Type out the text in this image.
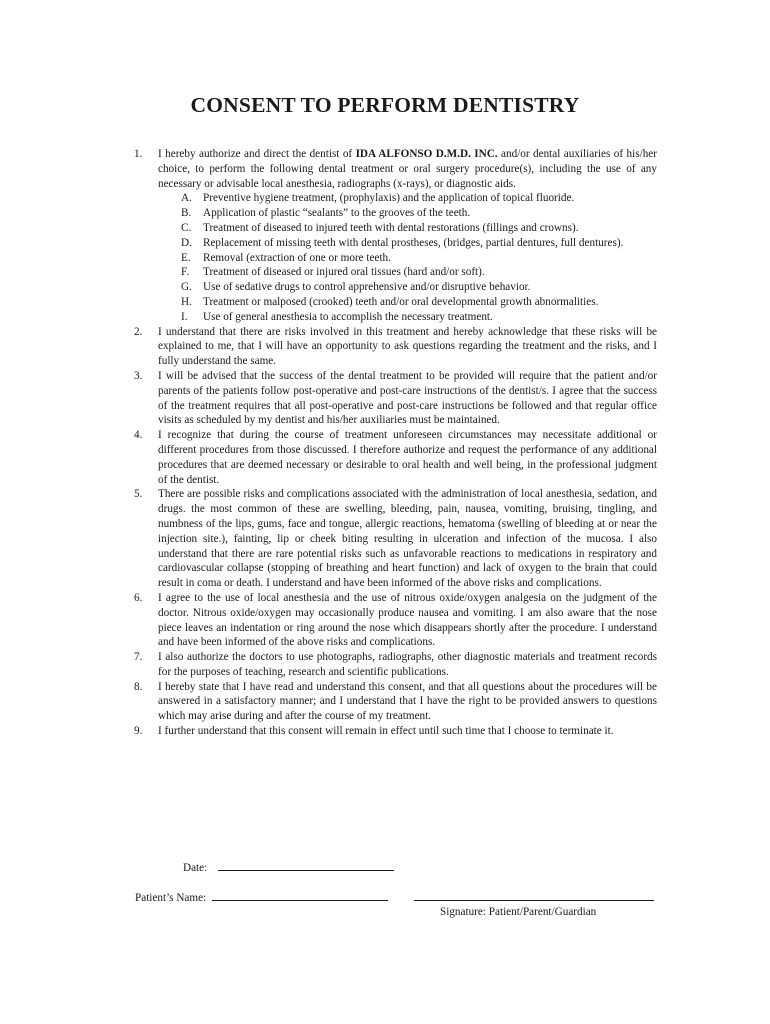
CONSENT TO PERFORM DENTISTRY
1.	I hereby authorize and direct the dentist of IDA ALFONSO D.M.D. INC. and/or dental auxiliaries of his/her choice, to perform the following dental treatment or oral surgery procedure(s), including the use of any necessary or advisable local anesthesia, radiographs (x-rays), or diagnostic aids.
A. Preventive hygiene treatment, (prophylaxis) and the application of topical fluoride.
B. Application of plastic “sealants” to the grooves of the teeth.
C. Treatment of diseased to injured teeth with dental restorations (fillings and crowns).
D. Replacement of missing teeth with dental prostheses, (bridges, partial dentures, full dentures).
E. Removal (extraction of one or more teeth.
F. Treatment of diseased or injured oral tissues (hard and/or soft).
G. Use of sedative drugs to control apprehensive and/or disruptive behavior.
H. Treatment or malposed (crooked) teeth and/or oral developmental growth abnormalities.
I. Use of general anesthesia to accomplish the necessary treatment.
2.	I understand that there are risks involved in this treatment and hereby acknowledge that these risks will be explained to me, that I will have an opportunity to ask questions regarding the treatment and the risks, and I fully understand the same.
3.	I will be advised that the success of the dental treatment to be provided will require that the patient and/or parents of the patients follow post-operative and post-care instructions of the dentist/s. I agree that the success of the treatment requires that all post-operative and post-care instructions be followed and that regular office visits as scheduled by my dentist and his/her auxiliaries must be maintained.
4.	I recognize that during the course of treatment unforeseen circumstances may necessitate additional or different procedures from those discussed. I therefore authorize and request the performance of any additional procedures that are deemed necessary or desirable to oral health and well being, in the professional judgment of the dentist.
5.	There are possible risks and complications associated with the administration of local anesthesia, sedation, and drugs. the most common of these are swelling, bleeding, pain, nausea, vomiting, bruising, tingling, and numbness of the lips, gums, face and tongue, allergic reactions, hematoma (swelling of bleeding at or near the injection site.), fainting, lip or cheek biting resulting in ulceration and infection of the mucosa. I also understand that there are rare potential risks such as unfavorable reactions to medications in respiratory and cardiovascular collapse (stopping of breathing and heart function) and lack of oxygen to the brain that could result in coma or death. I understand and have been informed of the above risks and complications.
6.	I agree to the use of local anesthesia and the use of nitrous oxide/oxygen analgesia on the judgment of the doctor. Nitrous oxide/oxygen may occasionally produce nausea and vomiting. I am also aware that the nose piece leaves an indentation or ring around the nose which disappears shortly after the procedure. I understand and have been informed of the above risks and complications.
7.	I also authorize the doctors to use photographs, radiographs, other diagnostic materials and treatment records for the purposes of teaching, research and scientific publications.
8.	I hereby state that I have read and understand this consent, and that all questions about the procedures will be answered in a satisfactory manner; and I understand that I have the right to be provided answers to questions which may arise during and after the course of my treatment.
9.	I further understand that this consent will remain in effect until such time that I choose to terminate it.
Date:
Patient’s Name:
Signature: Patient/Parent/Guardian
